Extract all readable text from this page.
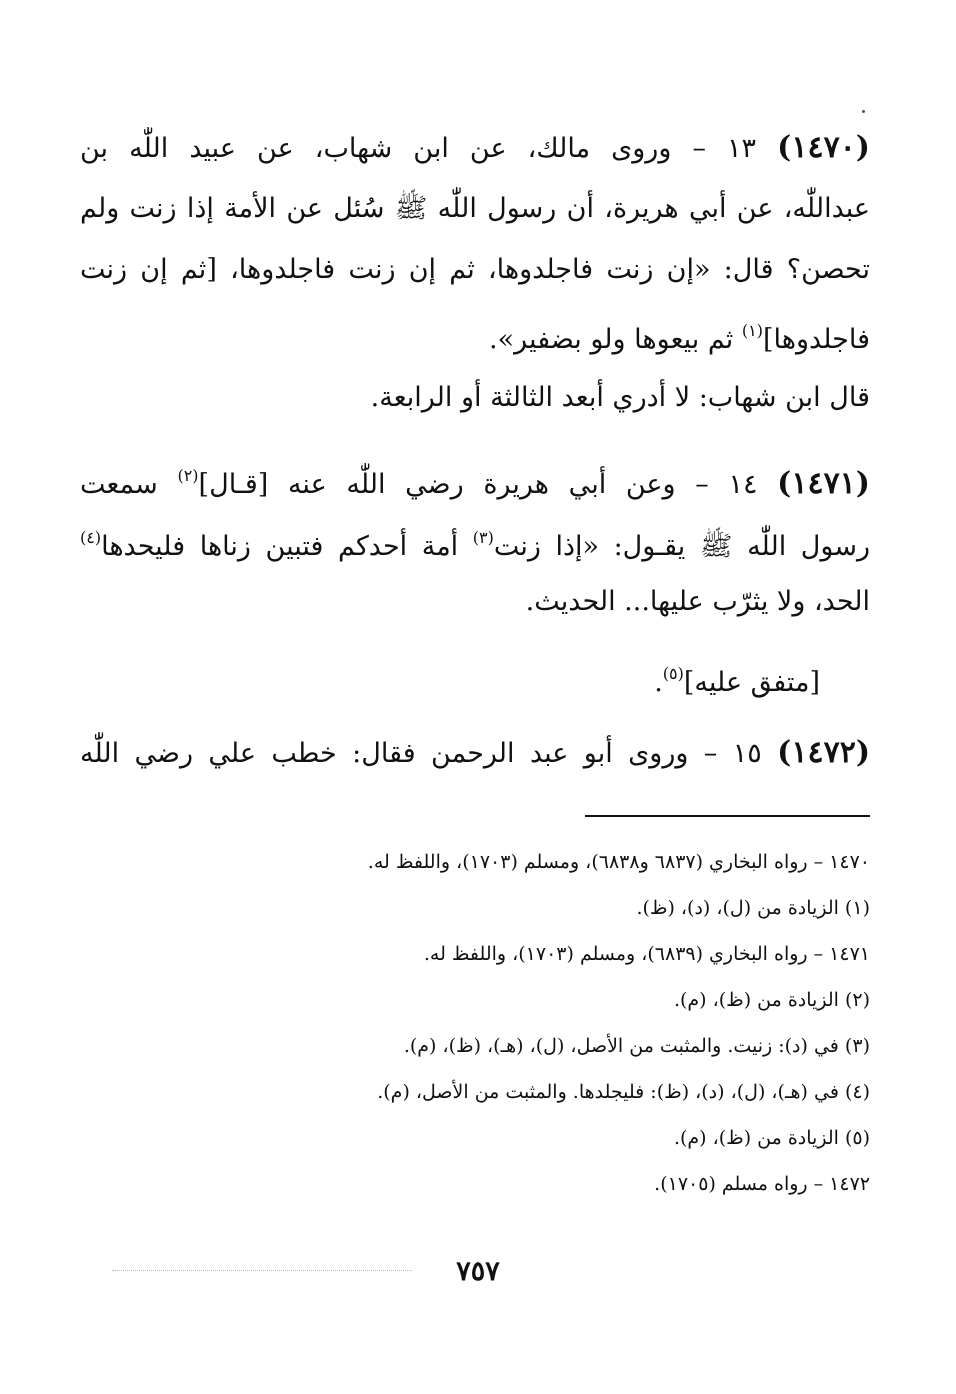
(١٤٧٠) ١٣ – وروى مالك، عن ابن شهاب، عن عبيد اللّٰه بن

عبداللّٰه، عن أبي هريرة، أن رسول اللّٰه ﷺ سُئل عن الأمة إذا زنت ولم

تحصن؟ قال: «إن زنت فاجلدوها، ثم إن زنت فاجلدوها، [ثم إن زنت

فاجلدوها]$^{(١)}$ ثم بيعوها ولو بضفير».

قال ابن شهاب: لا أدري أبعد الثالثة أو الرابعة.

(١٤٧١) ١٤ – وعن أبي هريرة رضي اللّٰه عنه [قـال]$^{(٢)}$ سمعت

رسول اللّٰه ﷺ يقـول: «إذا زنت$^{(٣)}$ أمة أحدكم فتبين زناها فليحدها$^{(٤)}$

الحد، ولا يثرّب عليها... الحديث.

[متفق عليه]$^{(٥)}$.

(١٤٧٢) ١٥ – وروى أبو عبد الرحمن فقال: خطب علي رضي اللّٰه

١٤٧٠ – رواه البخاري (٦٨٣٧ و٦٨٣٨)، ومسلم (١٧٠٣)، واللفظ له.

(١) الزيادة من (ل)، (د)، (ظ).

١٤٧١ – رواه البخاري (٦٨٣٩)، ومسلم (١٧٠٣)، واللفظ له.

(٢) الزيادة من (ظ)، (م).

(٣) في (د): زنيت. والمثبت من الأصل، (ل)، (هـ)، (ظ)، (م).

(٤) في (هـ)، (ل)، (د)، (ظ): فليجلدها. والمثبت من الأصل، (م).

(٥) الزيادة من (ظ)، (م).

١٤٧٢ – رواه مسلم (١٧٠٥).

٧٥٧
